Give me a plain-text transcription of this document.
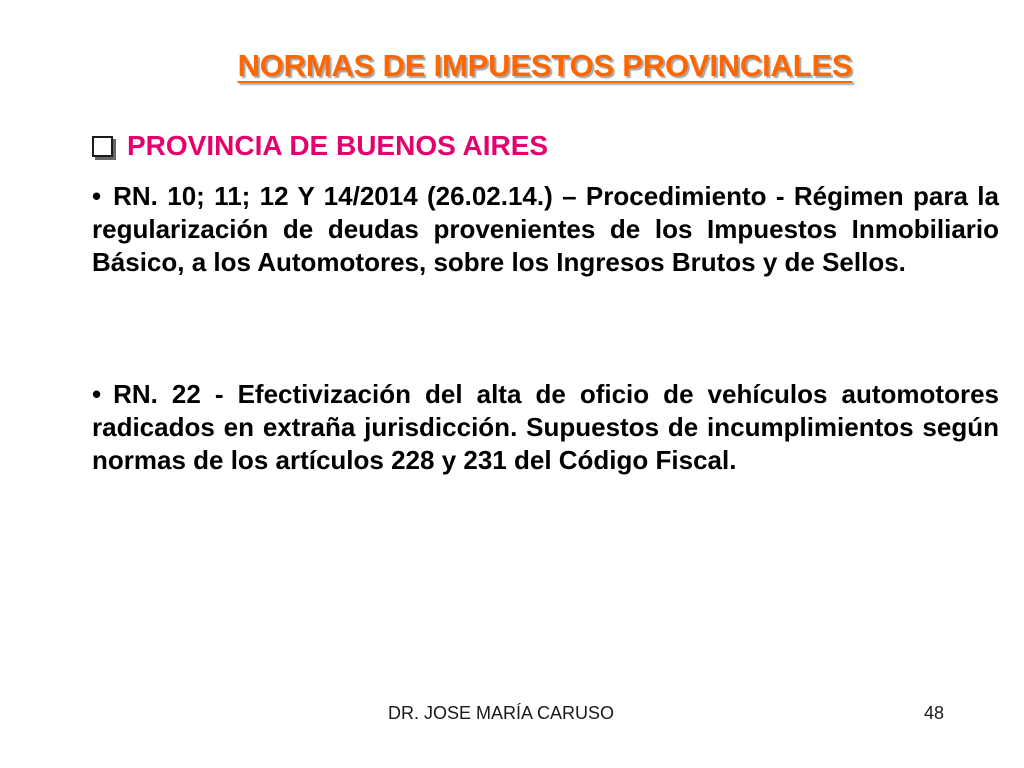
NORMAS DE IMPUESTOS PROVINCIALES
PROVINCIA DE BUENOS AIRES
• RN. 10; 11; 12 Y 14/2014 (26.02.14.) – Procedimiento - Régimen para la regularización de deudas provenientes de los Impuestos Inmobiliario Básico, a los Automotores, sobre los Ingresos Brutos y de Sellos.
• RN. 22 - Efectivización del alta de oficio de vehículos automotores radicados en extraña jurisdicción. Supuestos de incumplimientos según normas de los artículos 228 y 231 del Código Fiscal.
DR. JOSE MARÍA CARUSO	48
